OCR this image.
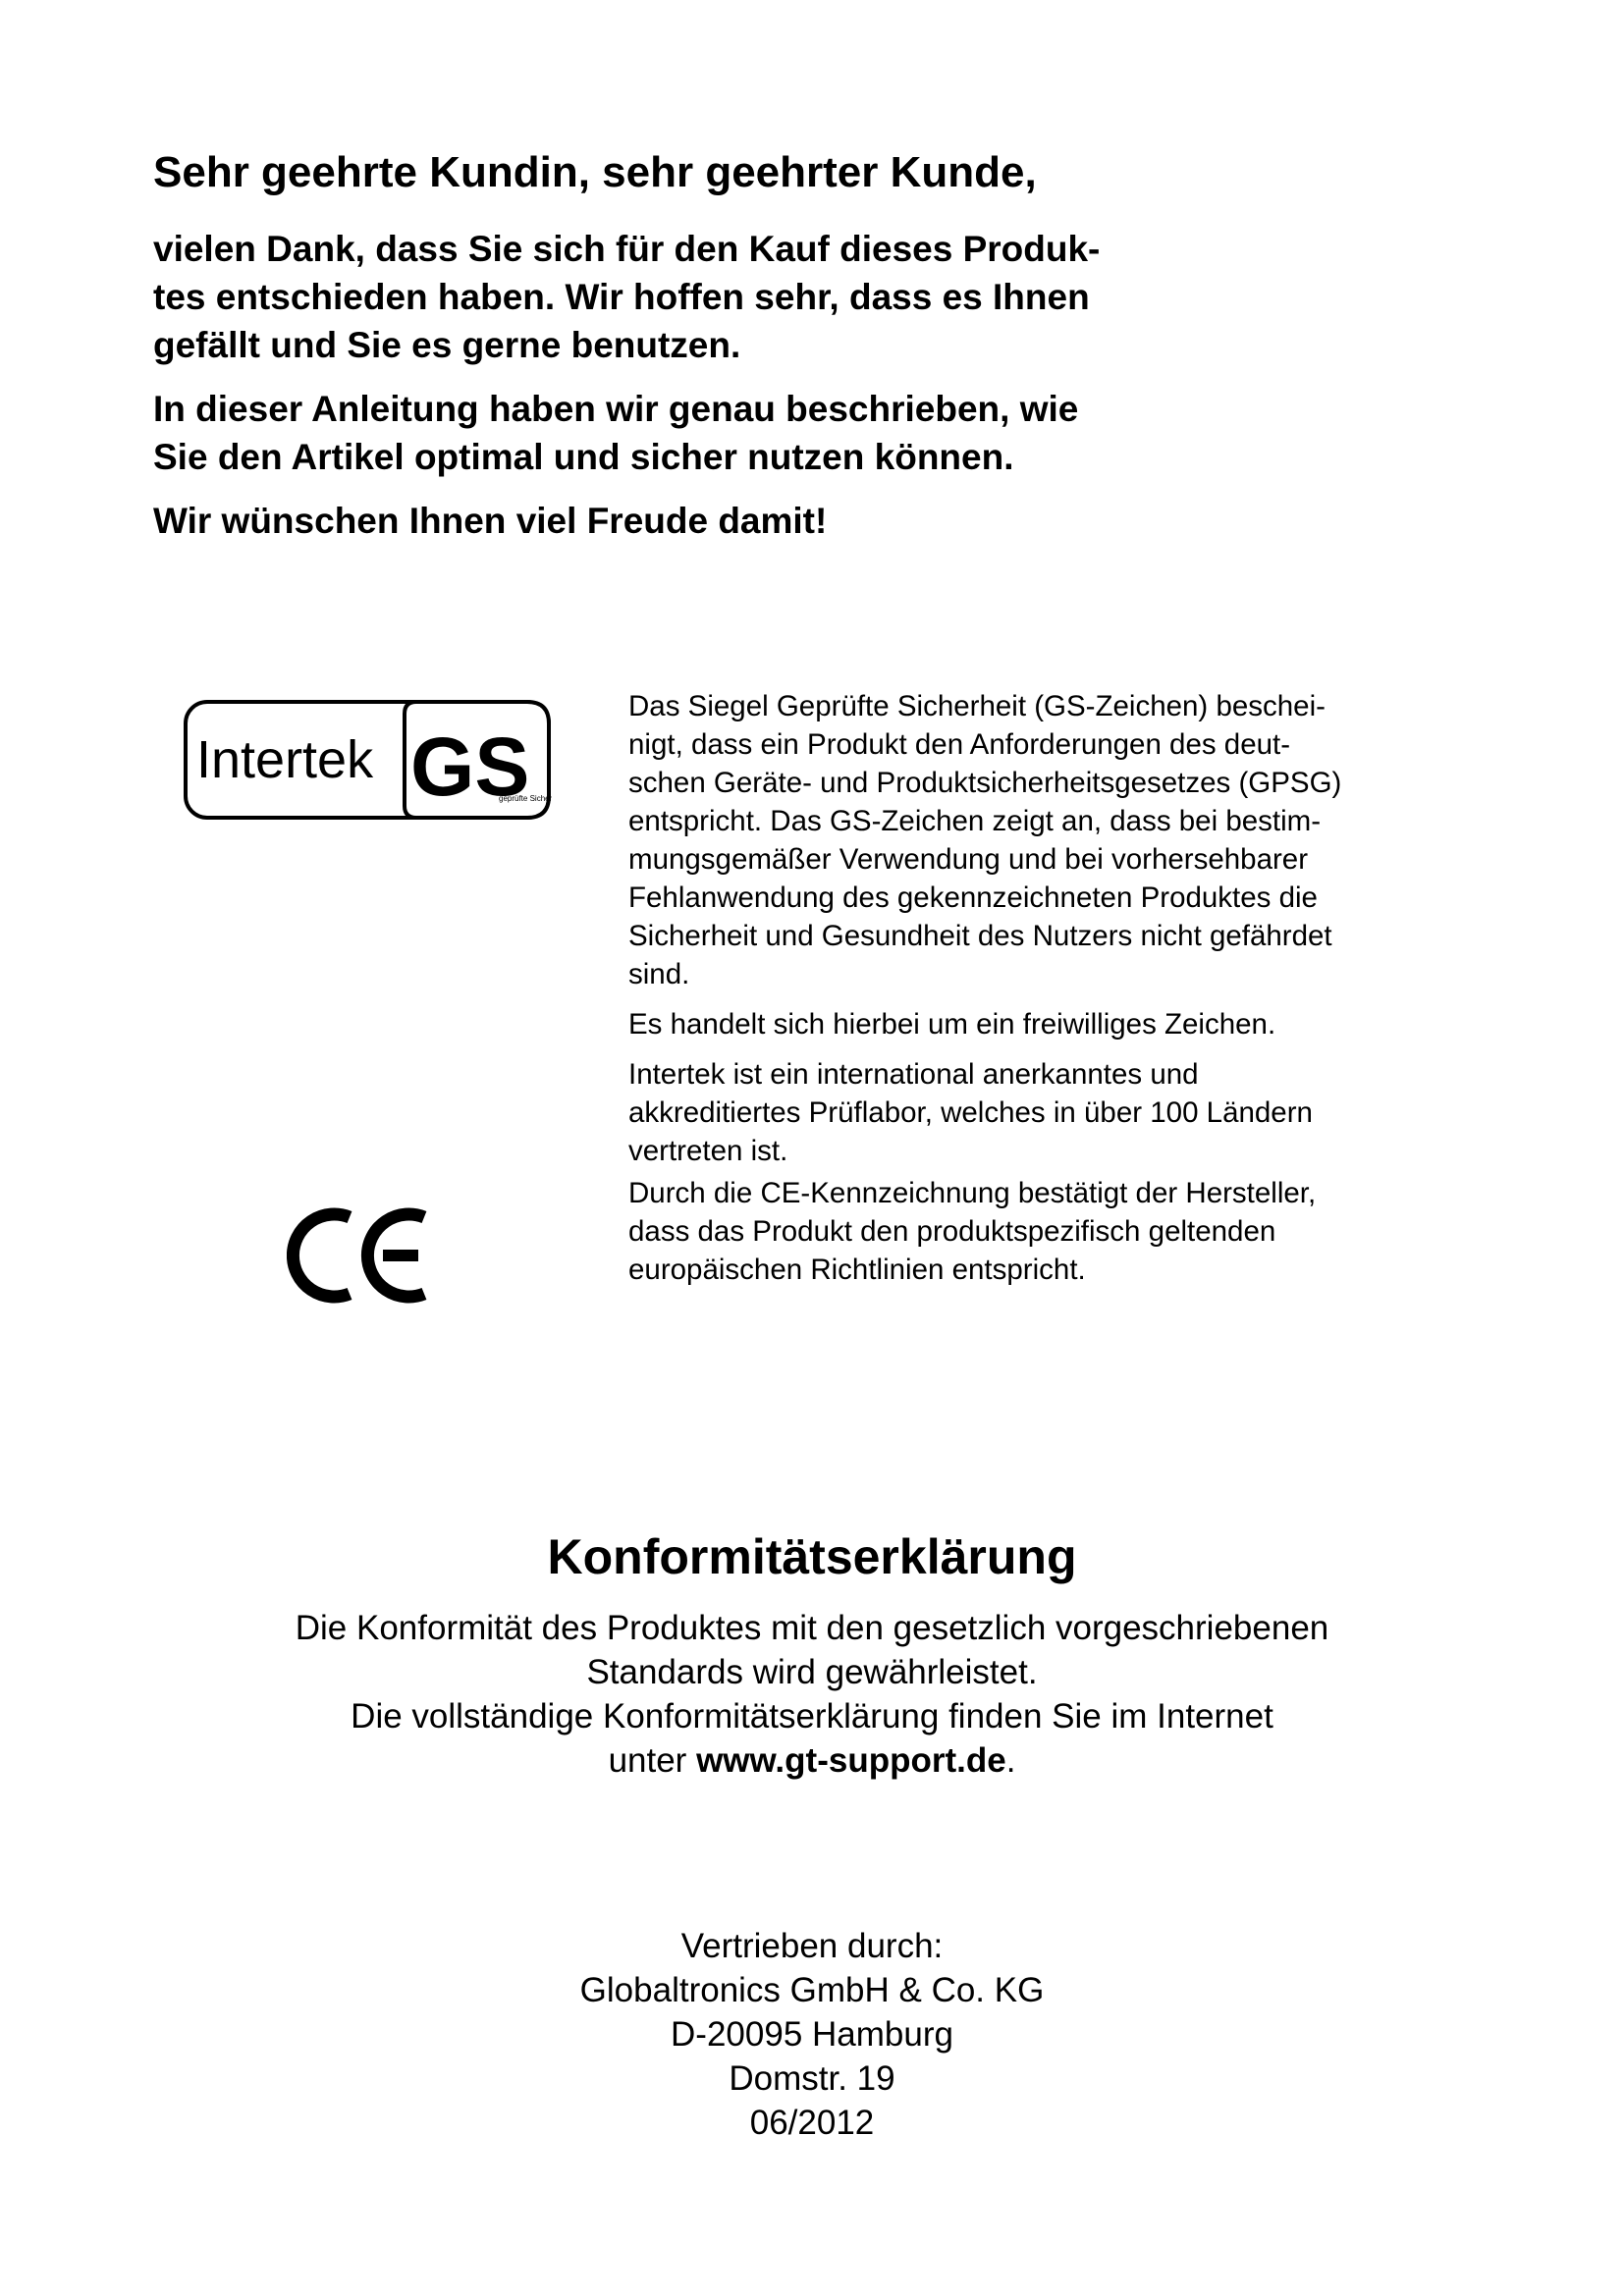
Sehr geehrte Kundin, sehr geehrter Kunde,

vielen Dank, dass Sie sich für den Kauf dieses Produk-
tes entschieden haben. Wir hoffen sehr, dass es Ihnen
gefällt und Sie es gerne benutzen.

In dieser Anleitung haben wir genau beschrieben, wie
Sie den Artikel optimal und sicher nutzen können.

Wir wünschen Ihnen viel Freude damit!

Intertek GS
geprüfte Sicher
CE

Das Siegel Geprüfte Sicherheit (GS-Zeichen) beschei-
nigt, dass ein Produkt den Anforderungen des deut-
schen Geräte- und Produktsicherheitsgesetzes (GPSG)
entspricht. Das GS-Zeichen zeigt an, dass bei bestim-
mungsgemäßer Verwendung und bei vorhersehbarer
Fehlanwendung des gekennzeichneten Produktes die
Sicherheit und Gesundheit des Nutzers nicht gefährdet
sind.

Es handelt sich hierbei um ein freiwilliges Zeichen.

Intertek ist ein international anerkanntes und
akkreditiertes Prüflabor, welches in über 100 Ländern
vertreten ist.

Durch die CE-Kennzeichnung bestätigt der Hersteller,
dass das Produkt den produktspezifisch geltenden
europäischen Richtlinien entspricht.

Konformitätserklärung

Die Konformität des Produktes mit den gesetzlich vorgeschriebenen

Standards wird gewährleistet.

Die vollständige Konformitätserklärung finden Sie im Internet

unter www.gt-support.de.

Vertrieben durch:
Globaltronics GmbH & Co. KG
D-20095 Hamburg
Domstr. 19
06/2012
